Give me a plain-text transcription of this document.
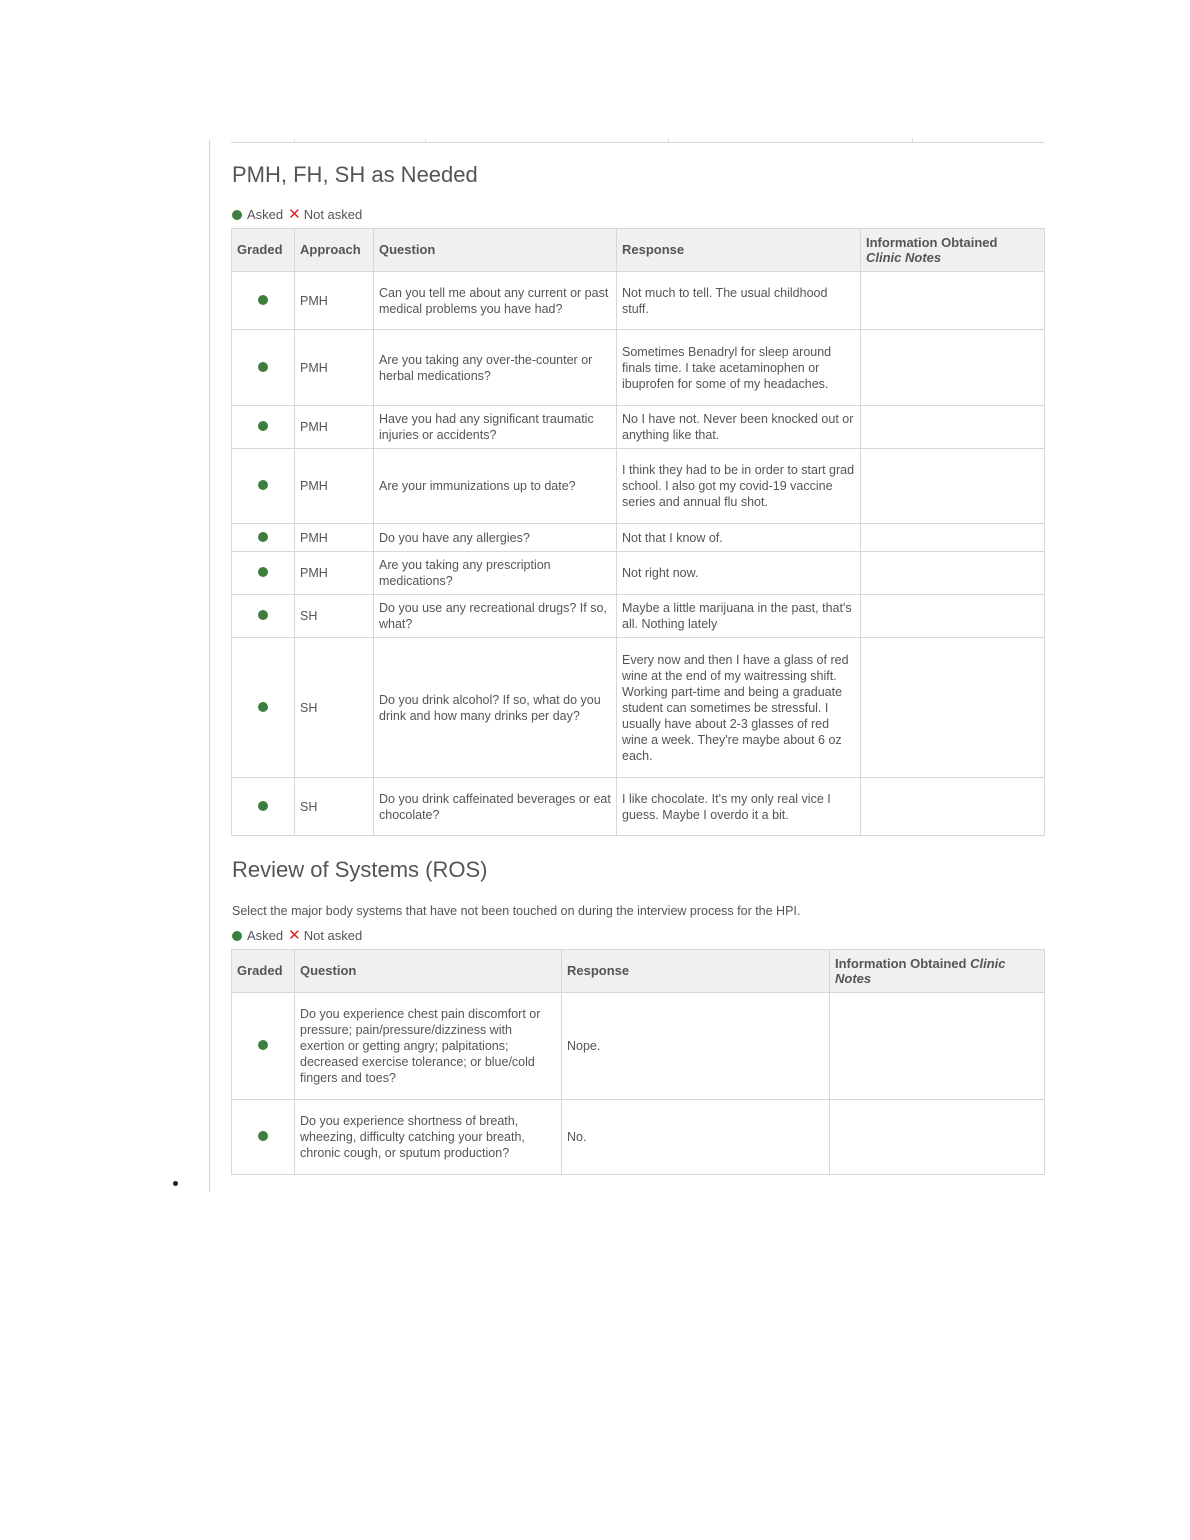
PMH, FH, SH as Needed
Asked ✕ Not asked
Graded	Approach	Question	Response	Information Obtained
Clinic Notes
	PMH	Can you tell me about any current or past medical problems you have had?	Not much to tell. The usual childhood stuff.	
	PMH	Are you taking any over-the-counter or herbal medications?	Sometimes Benadryl for sleep around finals time. I take acetaminophen or ibuprofen for some of my headaches.	
	PMH	Have you had any significant traumatic injuries or accidents?	No I have not. Never been knocked out or anything like that.	
	PMH	Are your immunizations up to date?	I think they had to be in order to start grad school. I also got my covid-19 vaccine series and annual flu shot.	
	PMH	Do you have any allergies?	Not that I know of.	
	PMH	Are you taking any prescription medications?	Not right now.	
	SH	Do you use any recreational drugs? If so, what?	Maybe a little marijuana in the past, that's all. Nothing lately	
	SH	Do you drink alcohol? If so, what do you drink and how many drinks per day?	Every now and then I have a glass of red wine at the end of my waitressing shift. Working part-time and being a graduate student can sometimes be stressful. I usually have about 2-3 glasses of red wine a week. They're maybe about 6 oz each.	
	SH	Do you drink caffeinated beverages or eat chocolate?	I like chocolate. It's my only real vice I guess. Maybe I overdo it a bit.	
Review of Systems (ROS)
Select the major body systems that have not been touched on during the interview process for the HPI.
Asked ✕ Not asked
Graded	Question	Response	Information Obtained Clinic
Notes
	Do you experience chest pain discomfort or pressure; pain/pressure/dizziness with exertion or getting angry; palpitations; decreased exercise tolerance; or blue/cold fingers and toes?	Nope.	
	Do you experience shortness of breath, wheezing, difficulty catching your breath, chronic cough, or sputum production?	No.	
